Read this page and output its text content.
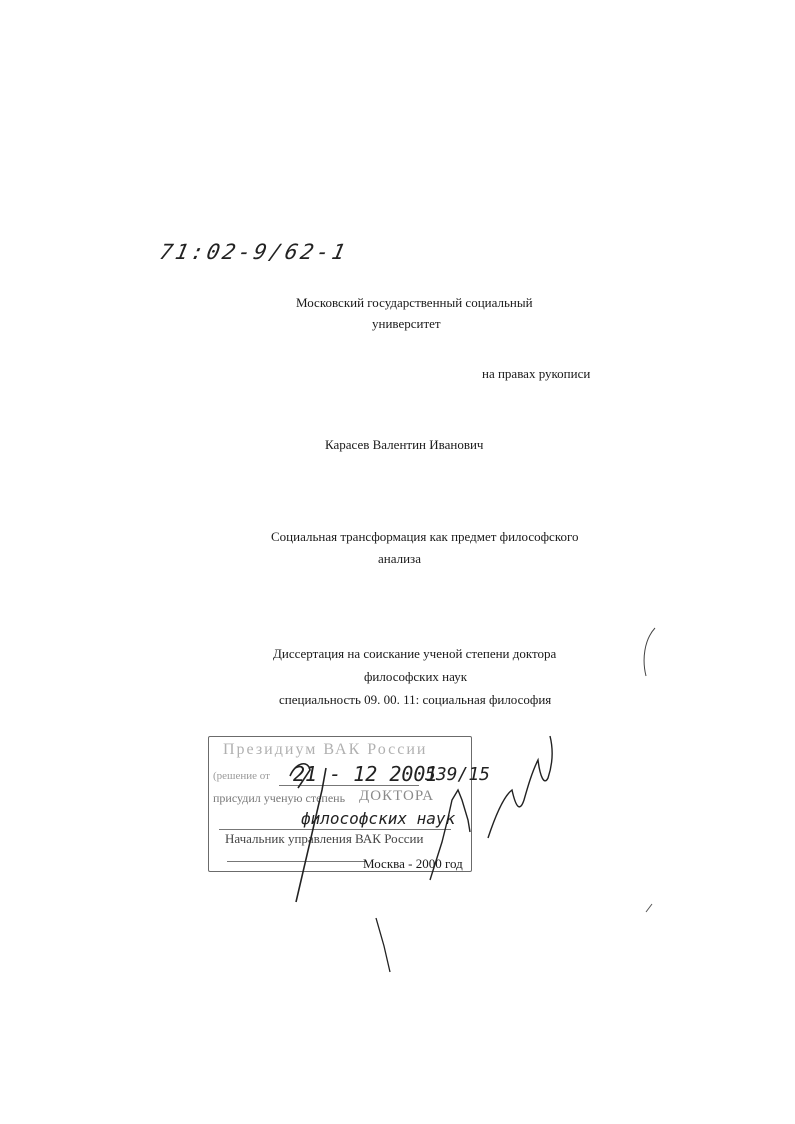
71:02-9/62-1
Московский государственный социальный
университет
на правах рукописи
Карасев Валентин Иванович
Социальная трансформация как предмет философского
анализа
Диссертация на соискание ученой степени доктора
философских наук
специальность 09. 00. 11: социальная философия
Президиум ВАК России
(решение от 21 - 12 2001
539/15
присудил ученую степень ДОКТОРА
философских наук
Начальник управления ВАК России
Москва - 2000 год
